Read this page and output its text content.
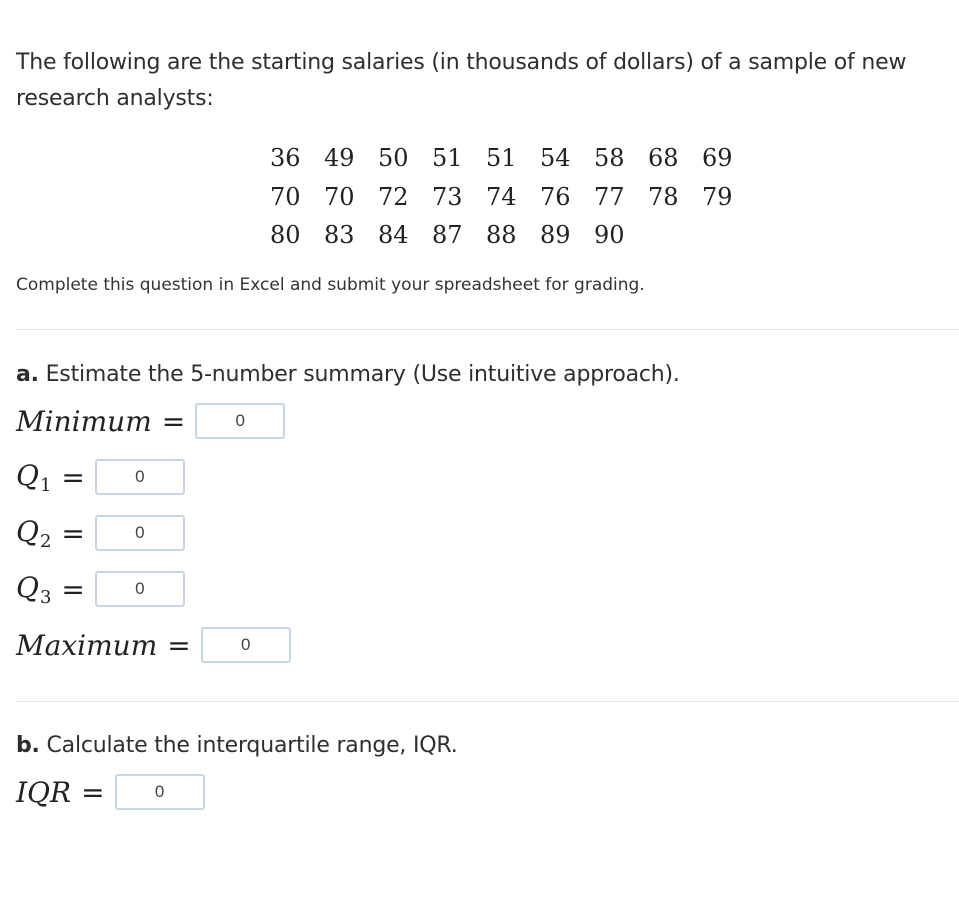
The following are the starting salaries (in thousands of dollars) of a sample of new
research analysts:
36 49 50 51 51 54 58 68 69
70 70 72 73 74 76 77 78 79
80 83 84 87 88 89 90
Complete this question in Excel and submit your spreadsheet for grading.
a. Estimate the 5-number summary (Use intuitive approach).
Minimum =
0
$Q_1$ =
0
$Q_2$ =
0
$Q_3$ =
0
Maximum =
0
b. Calculate the interquartile range, IQR.
IQR =
0
